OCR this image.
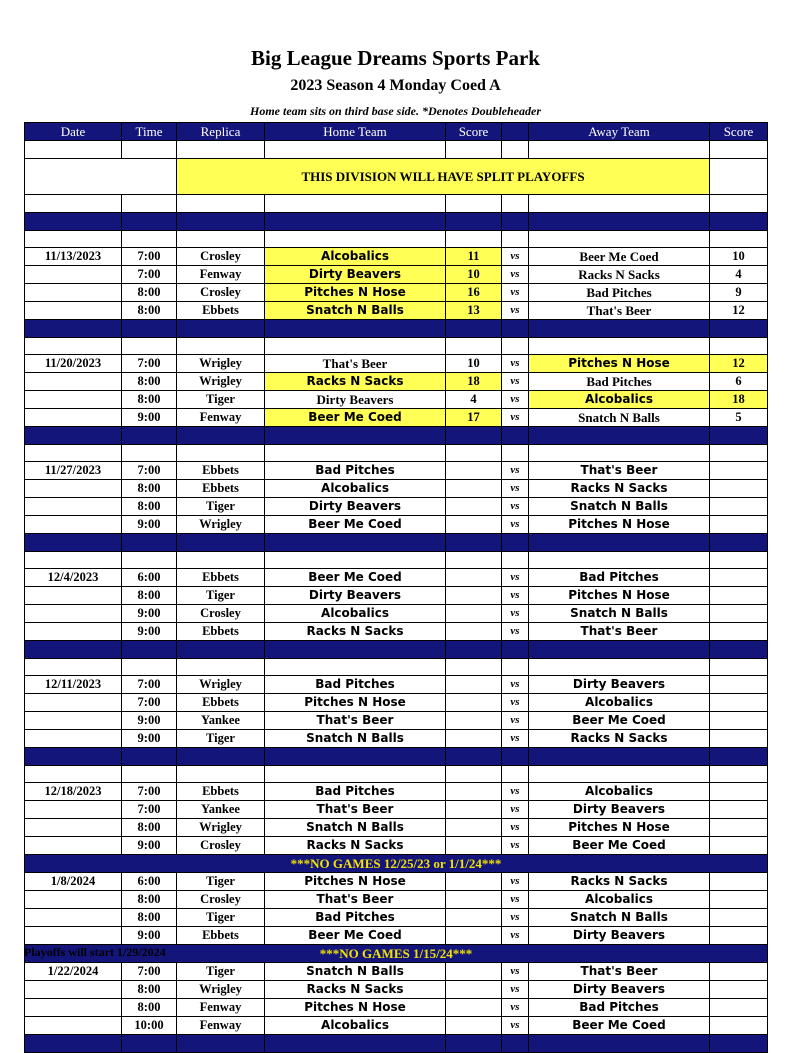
Big League Dreams Sports Park
2023 Season 4 Monday Coed A
Home team sits on third base side. *Denotes Doubleheader
Date	Time	Replica	Home Team	Score		Away Team	Score

		THIS DIVISION WILL HAVE SPLIT PLAYOFFS					

11/13/2023	7:00	Crosley	Alcobalics	11	vs	Beer Me Coed	10
	7:00	Fenway	Dirty Beavers	10	vs	Racks N Sacks	4
	8:00	Crosley	Pitches N Hose	16	vs	Bad Pitches	9
	8:00	Ebbets	Snatch N Balls	13	vs	That's Beer	12

11/20/2023	7:00	Wrigley	That's Beer	10	vs	Pitches N Hose	12
	8:00	Wrigley	Racks N Sacks	18	vs	Bad Pitches	6
	8:00	Tiger	Dirty Beavers	4	vs	Alcobalics	18
	9:00	Fenway	Beer Me Coed	17	vs	Snatch N Balls	5

11/27/2023	7:00	Ebbets	Bad Pitches		vs	That's Beer	
	8:00	Ebbets	Alcobalics		vs	Racks N Sacks	
	8:00	Tiger	Dirty Beavers		vs	Snatch N Balls	
	9:00	Wrigley	Beer Me Coed		vs	Pitches N Hose	

12/4/2023	6:00	Ebbets	Beer Me Coed		vs	Bad Pitches	
	8:00	Tiger	Dirty Beavers		vs	Pitches N Hose	
	9:00	Crosley	Alcobalics		vs	Snatch N Balls	
	9:00	Ebbets	Racks N Sacks		vs	That's Beer	

12/11/2023	7:00	Wrigley	Bad Pitches		vs	Dirty Beavers	
	7:00	Ebbets	Pitches N Hose		vs	Alcobalics	
	9:00	Yankee	That's Beer		vs	Beer Me Coed	
	9:00	Tiger	Snatch N Balls		vs	Racks N Sacks	

12/18/2023	7:00	Ebbets	Bad Pitches		vs	Alcobalics	
	7:00	Yankee	That's Beer		vs	Dirty Beavers	
	8:00	Wrigley	Snatch N Balls		vs	Pitches N Hose	
	9:00	Crosley	Racks N Sacks		vs	Beer Me Coed	
***NO GAMES 12/25/23 or 1/1/24***							
1/8/2024	6:00	Tiger	Pitches N Hose		vs	Racks N Sacks	
	8:00	Crosley	That's Beer		vs	Alcobalics	
	8:00	Tiger	Bad Pitches		vs	Snatch N Balls	
	9:00	Ebbets	Beer Me Coed		vs	Dirty Beavers	
***NO GAMES 1/15/24***							
1/22/2024	7:00	Tiger	Snatch N Balls		vs	That's Beer	
	8:00	Wrigley	Racks N Sacks		vs	Dirty Beavers	
	8:00	Fenway	Pitches N Hose		vs	Bad Pitches	
	10:00	Fenway	Alcobalics		vs	Beer Me Coed	

Playoffs will start 1/29/2024
